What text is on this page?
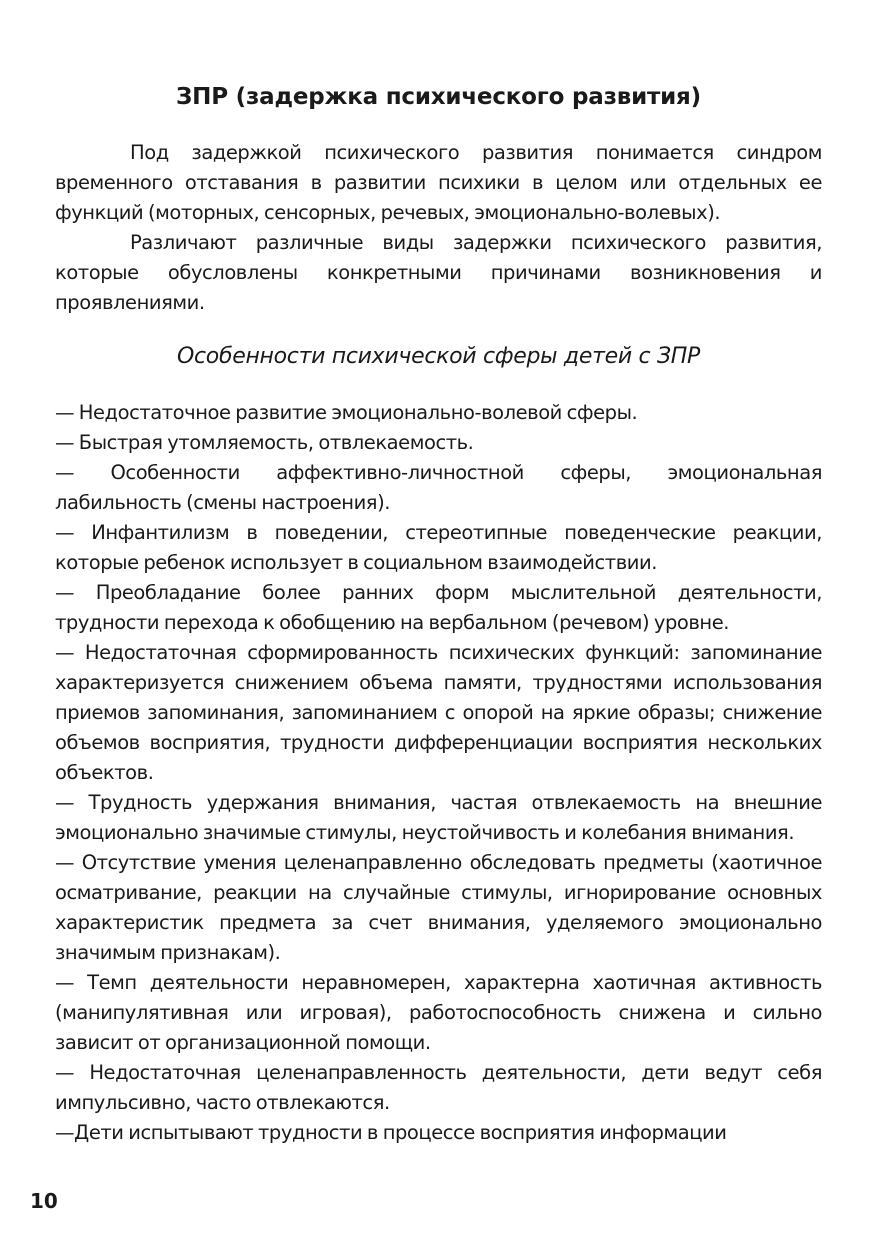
ЗПР (задержка психического развития)

Под задержкой психического развития понимается синдром временного отставания в развитии психики в целом или отдельных ее функций (моторных, сенсорных, речевых, эмоционально-волевых).

Различают различные виды задержки психического развития, которые обусловлены конкретными причинами возникновения и проявлениями.

Особенности психической сферы детей с ЗПР
— Недостаточное развитие эмоционально-волевой сферы.
— Быстрая утомляемость, отвлекаемость.
— Особенности аффективно-личностной сферы, эмоциональная лабильность (смены настроения).
— Инфантилизм в поведении, стереотипные поведенческие реакции, которые ребенок использует в социальном взаимодействии.
— Преобладание более ранних форм мыслительной деятельности, трудности перехода к обобщению на вербальном (речевом) уровне.
— Недостаточная сформированность психических функций: запоминание характеризуется снижением объема памяти, трудностями использования приемов запоминания, запоминанием с опорой на яркие образы; снижение объемов восприятия, трудности дифференциации восприятия нескольких объектов.
— Трудность удержания внимания, частая отвлекаемость на внешние эмоционально значимые стимулы, неустойчивость и колебания внимания.
— Отсутствие умения целенаправленно обследовать предметы (хаотичное осматривание, реакции на случайные стимулы, игнорирование основных характеристик предмета за счет внимания, уделяемого эмоционально значимым признакам).
— Темп деятельности неравномерен, характерна хаотичная активность (манипулятивная или игровая), работоспособность снижена и сильно зависит от организационной помощи.
— Недостаточная целенаправленность деятельности, дети ведут себя импульсивно, часто отвлекаются.
—Дети испытывают трудности в процессе восприятия информации
10
